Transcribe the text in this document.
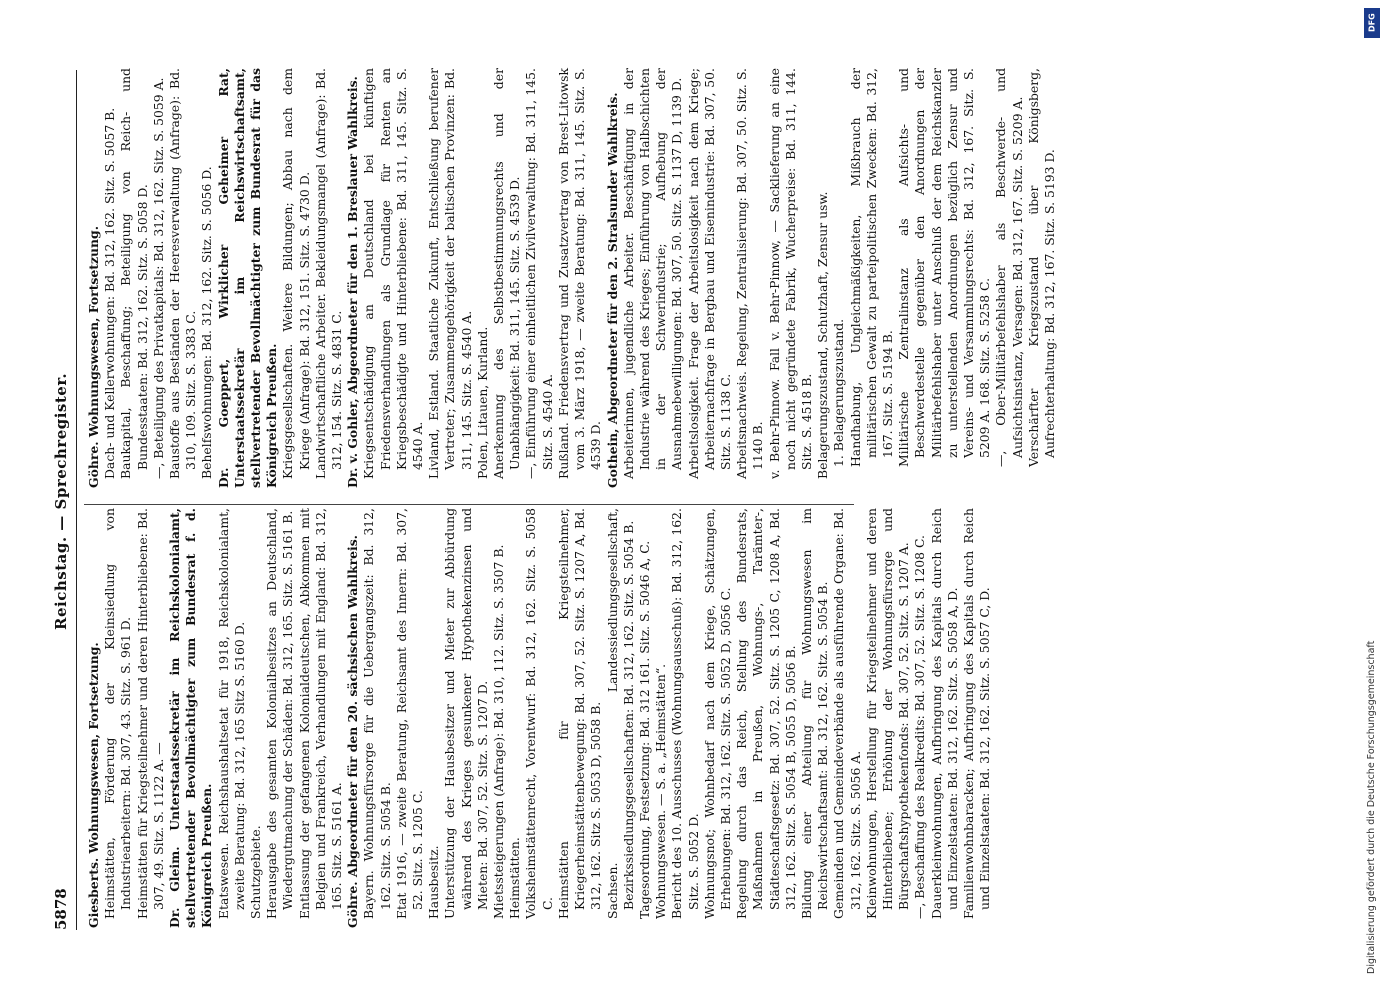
5878
Reichstag. — Sprechregister.

Giesberts. Wohnungswesen, Fortsetzung. Heimstätten, Förderung der Kleinsiedlung von Industriearbeitern: Bd. 307, 43. Sitz. S. 961 D. Heimstätten für Kriegsteilnehmer und deren Hinterbliebene: Bd. 307, 49. Sitz. S. 1122 A. — Dr. Gleim. Unterstaatssekretär im Reichskolonialamt, stellvertretender Bevollmächtigter zum Bundesrat f. d. Königreich Preußen. Etatswesen. Reichshaushaltsetat für 1918, Reichskolonialamt, zweite Beratung: Bd. 312, 165 Sitz S. 5160 D. Schutzgebiete. Herausgabe des gesamten Kolonialbesitzes an Deutschland, Wiedergutmachung der Schäden: Bd. 312, 165. Sitz. S. 5161 B. Entlassung der gefangenen Kolonialdeutschen, Abkommen mit Belgien und Frankreich, Verhandlungen mit England: Bd. 312, 165. Sitz. S. 5161 A. Göhre. Abgeordneter für den 20. sächsischen Wahlkreis. Bayern. Wohnungsfürsorge für die Uebergangszeit: Bd. 312, 162. Sitz. S. 5054 B. Etat 1916, — zweite Beratung, Reichsamt des Innern: Bd. 307, 52. Sitz. S. 1205 C. Hausbesitz. Unterstützung der Hausbesitzer und Mieter zur Abbürdung während des Krieges gesunkener Hypothekenzinsen und Mieten: Bd. 307, 52. Sitz. S. 1207 D. Mietssteigerungen (Anfrage): Bd. 310, 112. Sitz. S. 3507 B. Heimstätten. Volksheimstättenrecht, Vorentwurf: Bd. 312, 162. Sitz. S. 5058 C. Heimstätten für Kriegsteilnehmer, Kriegerheimstättenbewegung: Bd. 307, 52. Sitz. S. 1207 A, Bd. 312, 162. Sitz S. 5053 D, 5058 B. Sachsen. Landessiedlungsgesellschaft, Bezirkssiedlungsgesellschaften: Bd. 312, 162. Sitz. S. 5054 B. Tagesordnung, Festsetzung: Bd. 312 161. Sitz. S. 5046 A, C. Wohnungswesen. — S. a. „Heimstätten“. Bericht des 10. Ausschusses (Wohnungsausschuß): Bd. 312, 162. Sitz. S. 5052 D. Wohnungsnot; Wohnbedarf nach dem Kriege, Schätzungen, Erhebungen: Bd. 312, 162. Sitz. S. 5052 D, 5056 C. Regelung durch das Reich, Stellung des Bundesrats, Maßnahmen in Preußen, Wohnungs-, Tarämter-, Städteschaftsgesetz: Bd. 307, 52. Sitz. S. 1205 C, 1208 A, Bd. 312, 162. Sitz. S. 5054 B, 5055 D, 5056 B. Bildung einer Abteilung für Wohnungswesen im Reichswirtschaftsamt: Bd. 312, 162. Sitz. S. 5054 B. Gemeinden und Gemeindeverbände als ausführende Organe: Bd. 312, 162. Sitz. S. 5056 A. Kleinwohnungen, Herstellung für Kriegsteilnehmer und deren Hinterbliebene; Erhöhung der Wohnungsfürsorge und Bürgschaftshypothekenfonds: Bd. 307, 52. Sitz. S. 1207 A. —, Beschaffung des Realkredits: Bd. 307, 52. Sitz. S. 1208 C. Dauerkleinwohnungen, Aufbringung des Kapitals durch Reich und Einzelstaaten: Bd. 312, 162. Sitz. S. 5058 A, D. Familienwohnbaracken; Aufbringung des Kapitals durch Reich und Einzelstaaten: Bd. 312, 162. Sitz. S. 5057 C, D.

Göhre. Wohnungswesen, Fortsetzung. Dach- und Kellerwohnungen: Bd. 312, 162. Sitz. S. 5057 B. Baukapital, Beschaffung; Beteiligung von Reich- und Bundesstaaten: Bd. 312, 162. Sitz. S. 5058 D. —, Beteiligung des Privatkapitals: Bd. 312, 162. Sitz. S. 5059 A. Baustoffe aus Beständen der Heeresverwaltung (Anfrage): Bd. 310, 109. Sitz. S. 3383 C. Behelfswohnungen: Bd. 312, 162. Sitz. S. 5056 D. Dr. Goeppert, Wirklicher Geheimer Rat, Unterstaatssekretär im Reichswirtschaftsamt, stellvertretender Bevollmächtigter zum Bundesrat für das Königreich Preußen. Kriegsgesellschaften. Weitere Bildungen; Abbau nach dem Kriege (Anfrage): Bd. 312, 151. Sitz. S. 4730 D. Landwirtschaftliche Arbeiter. Bekleidungsmangel (Anfrage): Bd. 312, 154. Sitz. S. 4831 C. Dr. v. Gohler, Abgeordneter für den 1. Breslauer Wahlkreis. Kriegsentschädigung an Deutschland bei künftigen Friedensverhandlungen als Grundlage für Renten an Kriegsbeschädigte und Hinterbliebene: Bd. 311, 145. Sitz. S. 4540 A. Livland, Estland. Staatliche Zukunft, Entschließung berufener Vertreter; Zusammengehörigkeit der baltischen Provinzen: Bd. 311, 145. Sitz. S. 4540 A. Polen, Litauen, Kurland. Anerkennung des Selbstbestimmungsrechts und der Unabhängigkeit: Bd. 311, 145. Sitz. S. 4539 D. —, Einführung einer einheitlichen Zivilverwaltung: Bd. 311, 145. Sitz. S. 4540 A. Rußland. Friedensvertrag und Zusatzvertrag von Brest-Litowsk vom 3. März 1918, — zweite Beratung: Bd. 311, 145. Sitz. S. 4539 D. Gothein, Abgeordneter für den 2. Stralsunder Wahlkreis. Arbeiterinnen, jugendliche Arbeiter. Beschäftigung in der Industrie während des Krieges; Einführung von Halbschichten in der Schwerindustrie; Aufhebung der Ausnahmebewilligungen: Bd. 307, 50. Sitz. S. 1137 D, 1139 D. Arbeitslosigkeit. Frage der Arbeitslosigkeit nach dem Kriege; Arbeiternachfrage in Bergbau und Eisenindustrie: Bd. 307, 50. Sitz. S. 1138 C. Arbeitsnachweis. Regelung, Zentralisierung: Bd. 307, 50. Sitz. S. 1140 B. v. Behr-Pinnow. Fall v. Behr-Pinnow, — Sacklieferung an eine noch nicht gegründete Fabrik, Wucherpreise: Bd. 311, 144. Sitz. S. 4518 B. Belagerungszustand, Schutzhaft, Zensur usw. 1. Belagerungszustand. Handhabung, Ungleichmäßigkeiten, Mißbrauch der militärischen Gewalt zu parteipolitischen Zwecken: Bd. 312, 167. Sitz. S. 5194 B. Militärische Zentralinstanz als Aufsichts- und Beschwerdestelle gegenüber den Anordnungen der Militärbefehlshaber unter Anschluß der dem Reichskanzler zu unterstellenden Anordnungen bezüglich Zensur und Vereins- und Versammlungsrechts: Bd. 312, 167. Sitz. S. 5209 A. 168. Sitz. S. 5258 C. —, Ober-Militärbefehlshaber als Beschwerde- und Aufsichtsinstanz, Versagen: Bd. 312, 167. Sitz. S. 5209 A. Verschärfter Kriegszustand über Königsberg, Aufrechterhaltung: Bd. 312, 167. Sitz. S. 5193 D.

DFG
Digitalisierung gefördert durch die Deutsche Forschungsgemeinschaft
